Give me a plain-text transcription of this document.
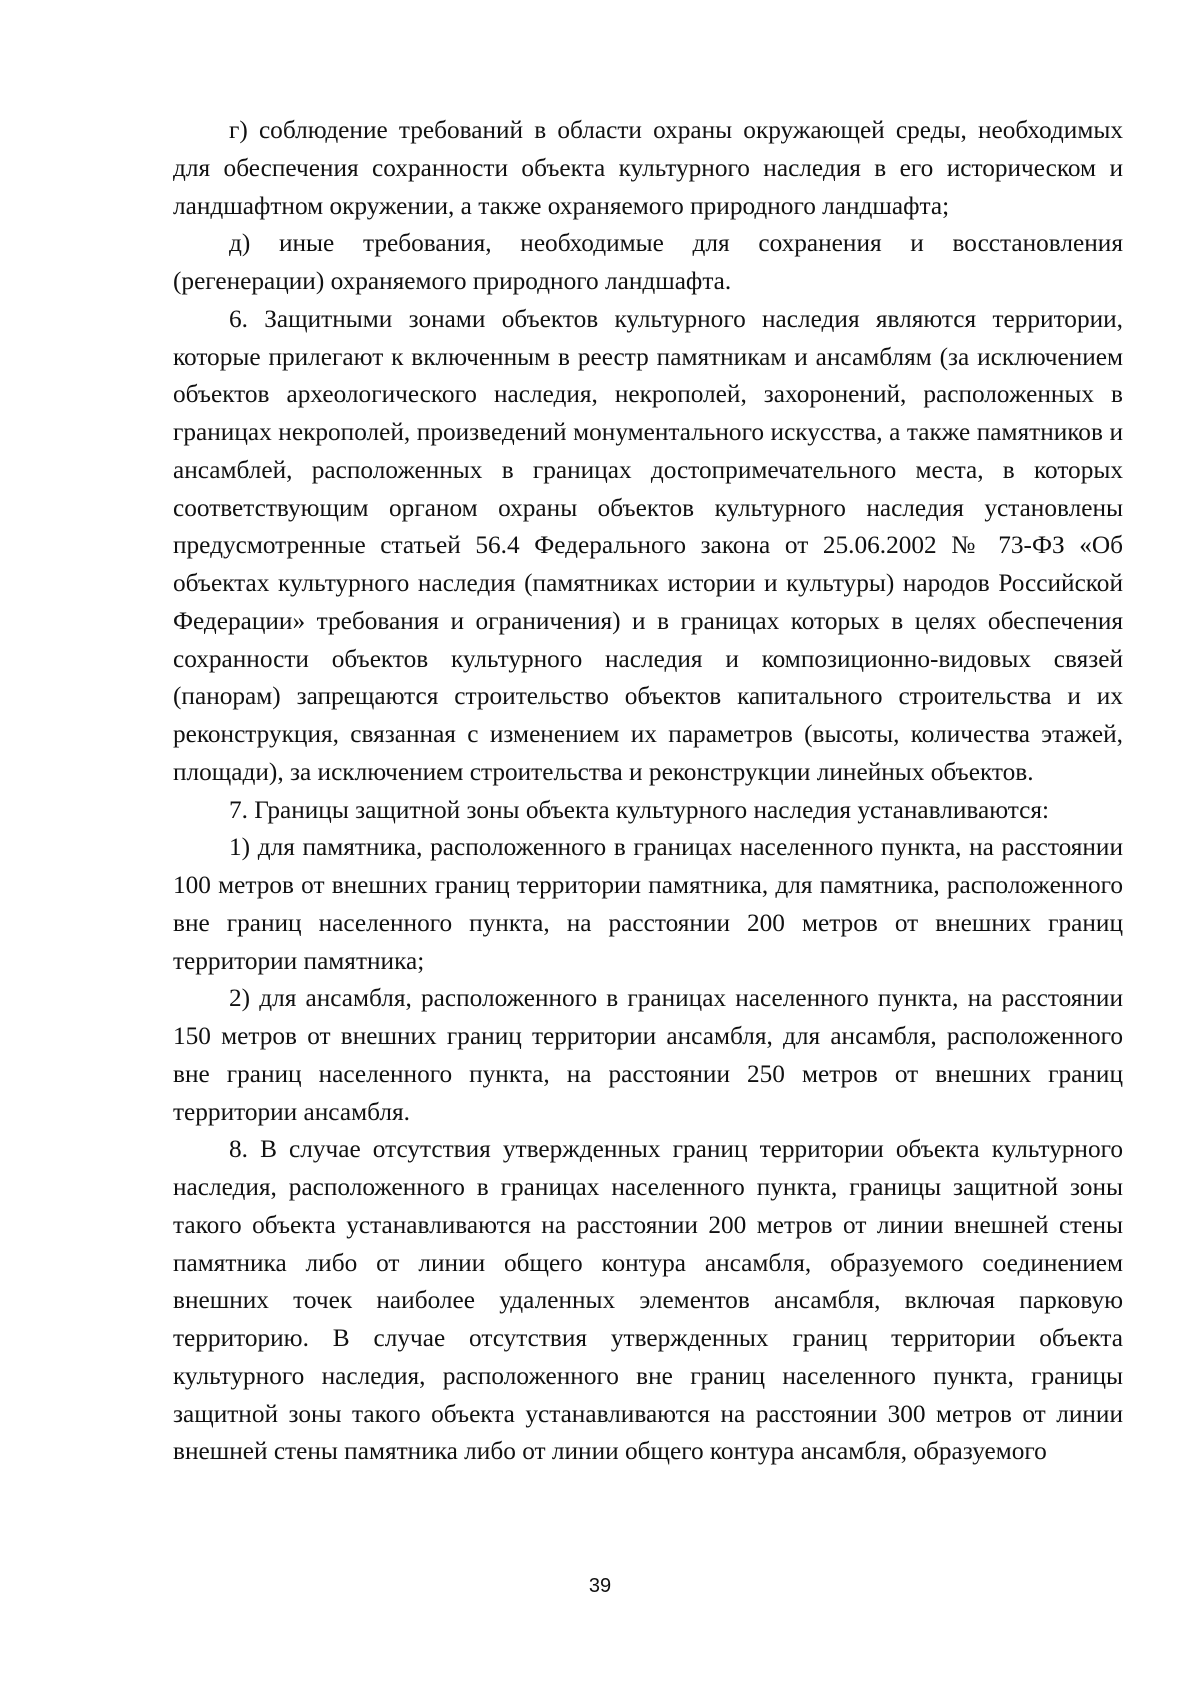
г) соблюдение требований в области охраны окружающей среды, необходимых для обеспечения сохранности объекта культурного наследия в его историческом и ландшафтном окружении, а также охраняемого природного ландшафта;

д) иные требования, необходимые для сохранения и восстановления (регенерации) охраняемого природного ландшафта.

6. Защитными зонами объектов культурного наследия являются территории, которые прилегают к включенным в реестр памятникам и ансамблям (за исключением объектов археологического наследия, некрополей, захоронений, расположенных в границах некрополей, произведений монументального искусства, а также памятников и ансамблей, расположенных в границах достопримечательного места, в которых соответствующим органом охраны объектов культурного наследия установлены предусмотренные статьей 56.4 Федерального закона от 25.06.2002 № 73-ФЗ «Об объектах культурного наследия (памятниках истории и культуры) народов Российской Федерации» требования и ограничения) и в границах которых в целях обеспечения сохранности объектов культурного наследия и композиционно-видовых связей (панорам) запрещаются строительство объектов капитального строительства и их реконструкция, связанная с изменением их параметров (высоты, количества этажей, площади), за исключением строительства и реконструкции линейных объектов.

7. Границы защитной зоны объекта культурного наследия устанавливаются:

1) для памятника, расположенного в границах населенного пункта, на расстоянии 100 метров от внешних границ территории памятника, для памятника, расположенного вне границ населенного пункта, на расстоянии 200 метров от внешних границ территории памятника;

2) для ансамбля, расположенного в границах населенного пункта, на расстоянии 150 метров от внешних границ территории ансамбля, для ансамбля, расположенного вне границ населенного пункта, на расстоянии 250 метров от внешних границ территории ансамбля.

8. В случае отсутствия утвержденных границ территории объекта культурного наследия, расположенного в границах населенного пункта, границы защитной зоны такого объекта устанавливаются на расстоянии 200 метров от линии внешней стены памятника либо от линии общего контура ансамбля, образуемого соединением внешних точек наиболее удаленных элементов ансамбля, включая парковую территорию. В случае отсутствия утвержденных границ территории объекта культурного наследия, расположенного вне границ населенного пункта, границы защитной зоны такого объекта устанавливаются на расстоянии 300 метров от линии внешней стены памятника либо от линии общего контура ансамбля, образуемого

39
